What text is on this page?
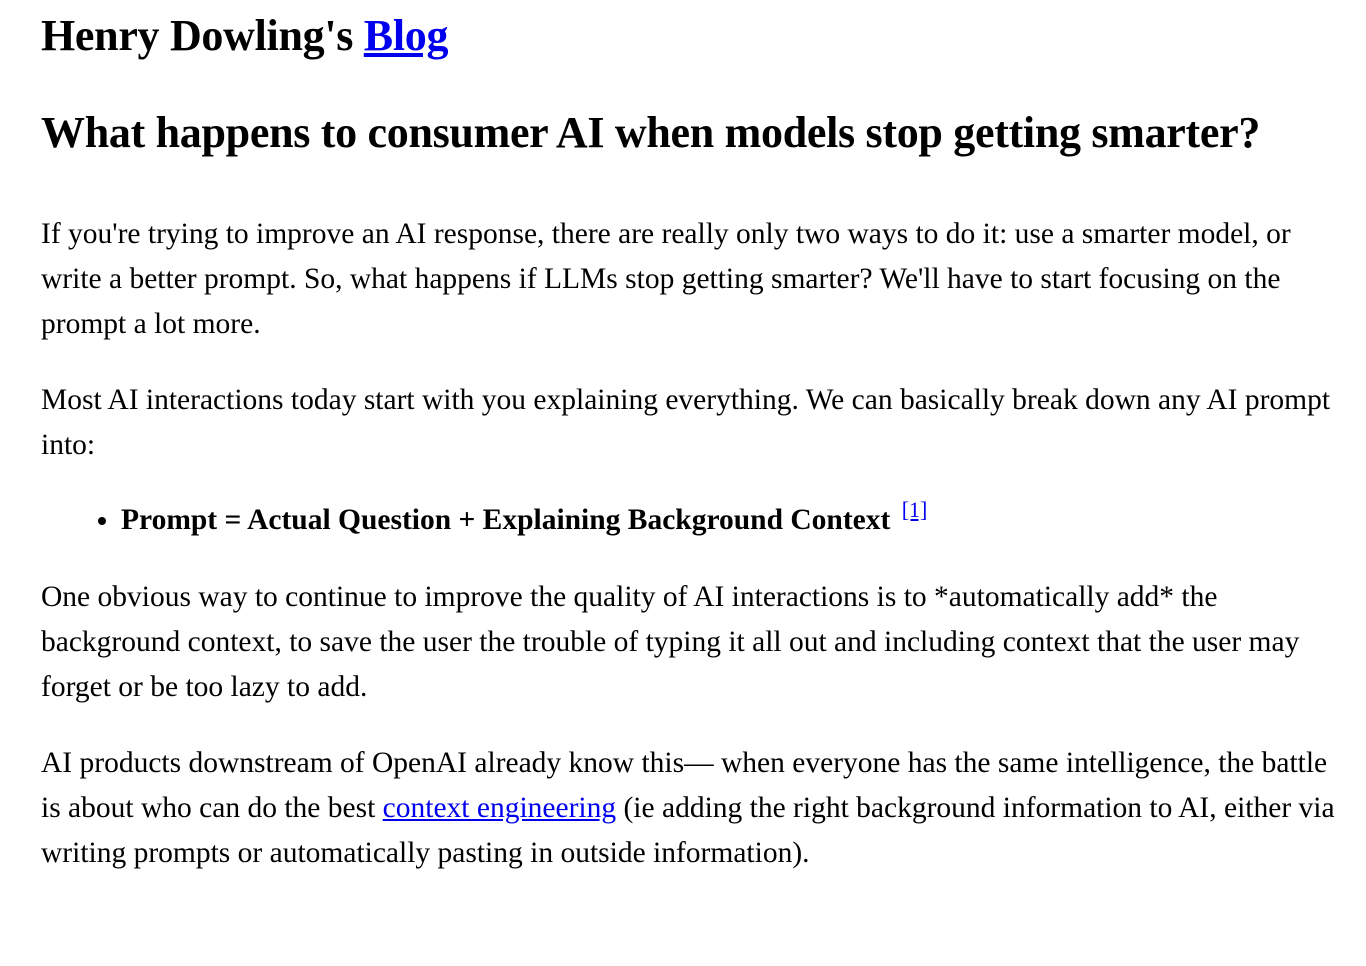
Henry Dowling's Blog
What happens to consumer AI when models stop getting smarter?

If you're trying to improve an AI response, there are really only two ways to do it: use a smarter model, or write a better prompt. So, what happens if LLMs stop getting smarter? We'll have to start focusing on the prompt a lot more.

Most AI interactions today start with you explaining everything. We can basically break down any AI prompt into:

• Prompt = Actual Question + Explaining Background Context [1]

One obvious way to continue to improve the quality of AI interactions is to *automatically add* the background context, to save the user the trouble of typing it all out and including context that the user may forget or be too lazy to add.

AI products downstream of OpenAI already know this— when everyone has the same intelligence, the battle is about who can do the best context engineering (ie adding the right background information to AI, either via writing prompts or automatically pasting in outside information).
